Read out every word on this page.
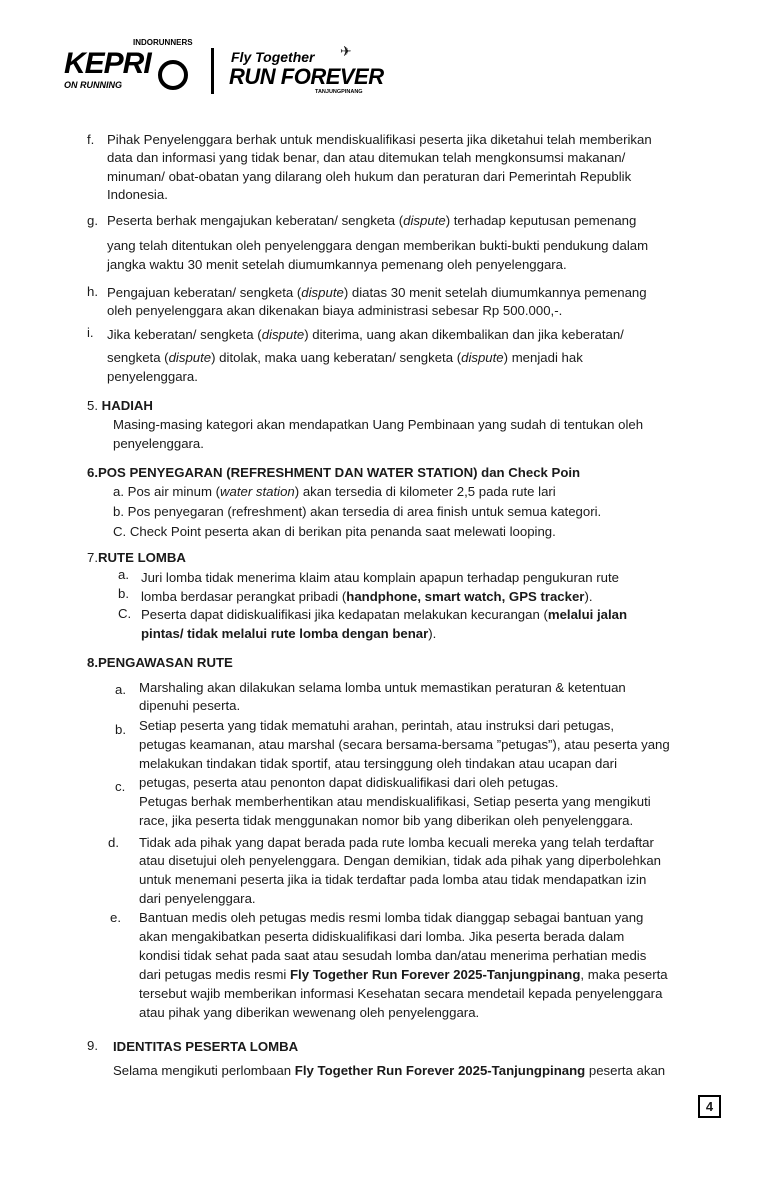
INDORUNNERS
KEPRI
ON RUNNING
Fly Together ✈
RUN FOREVER
TANJUNGPINANG
f. Pihak Penyelenggara berhak untuk mendiskualifikasi peserta jika diketahui telah memberikan
data dan informasi yang tidak benar, dan atau ditemukan telah mengkonsumsi makanan/
minuman/ obat-obatan yang dilarang oleh hukum dan peraturan dari Pemerintah Republik
Indonesia.
g. Peserta berhak mengajukan keberatan/ sengketa (dispute) terhadap keputusan pemenang
yang telah ditentukan oleh penyelenggara dengan memberikan bukti-bukti pendukung dalam
jangka waktu 30 menit setelah diumumkannya pemenang oleh penyelenggara.
h. Pengajuan keberatan/ sengketa (dispute) diatas 30 menit setelah diumumkannya pemenang
oleh penyelenggara akan dikenakan biaya administrasi sebesar Rp 500.000,-.
i. Jika keberatan/ sengketa (dispute) diterima, uang akan dikembalikan dan jika keberatan/
sengketa (dispute) ditolak, maka uang keberatan/ sengketa (dispute) menjadi hak
penyelenggara.
5. HADIAH
Masing-masing kategori akan mendapatkan Uang Pembinaan yang sudah di tentukan oleh
penyelenggara.
6.POS PENYEGARAN (REFRESHMENT DAN WATER STATION) dan Check Poin
a. Pos air minum (water station) akan tersedia di kilometer 2,5 pada rute lari
b. Pos penyegaran (refreshment) akan tersedia di area finish untuk semua kategori.
C. Check Point peserta akan di berikan pita penanda saat melewati looping.
7.RUTE LOMBA
a. Juri lomba tidak menerima klaim atau komplain apapun terhadap pengukuran rute
b. lomba berdasar perangkat pribadi (handphone, smart watch, GPS tracker).
C. Peserta dapat didiskualifikasi jika kedapatan melakukan kecurangan (melalui jalan
pintas/ tidak melalui rute lomba dengan benar).
8.PENGAWASAN RUTE
a. Marshaling akan dilakukan selama lomba untuk memastikan peraturan & ketentuan
dipenuhi peserta.
b. Setiap peserta yang tidak mematuhi arahan, perintah, atau instruksi dari petugas,
petugas keamanan, atau marshal (secara bersama-bersama ”petugas”), atau peserta yang
melakukan tindakan tidak sportif, atau tersinggung oleh tindakan atau ucapan dari
c. petugas, peserta atau penonton dapat didiskualifikasi dari oleh petugas.
Petugas berhak memberhentikan atau mendiskualifikasi, Setiap peserta yang mengikuti
race, jika peserta tidak menggunakan nomor bib yang diberikan oleh penyelenggara.
d. Tidak ada pihak yang dapat berada pada rute lomba kecuali mereka yang telah terdaftar
atau disetujui oleh penyelenggara. Dengan demikian, tidak ada pihak yang diperbolehkan
untuk menemani peserta jika ia tidak terdaftar pada lomba atau tidak mendapatkan izin
dari penyelenggara.
e. Bantuan medis oleh petugas medis resmi lomba tidak dianggap sebagai bantuan yang
akan mengakibatkan peserta didiskualifikasi dari lomba. Jika peserta berada dalam
kondisi tidak sehat pada saat atau sesudah lomba dan/atau menerima perhatian medis
dari petugas medis resmi Fly Together Run Forever 2025-Tanjungpinang, maka peserta
tersebut wajib memberikan informasi Kesehatan secara mendetail kepada penyelenggara
atau pihak yang diberikan wewenang oleh penyelenggara.
9. IDENTITAS PESERTA LOMBA
Selama mengikuti perlombaan Fly Together Run Forever 2025-Tanjungpinang peserta akan
4
